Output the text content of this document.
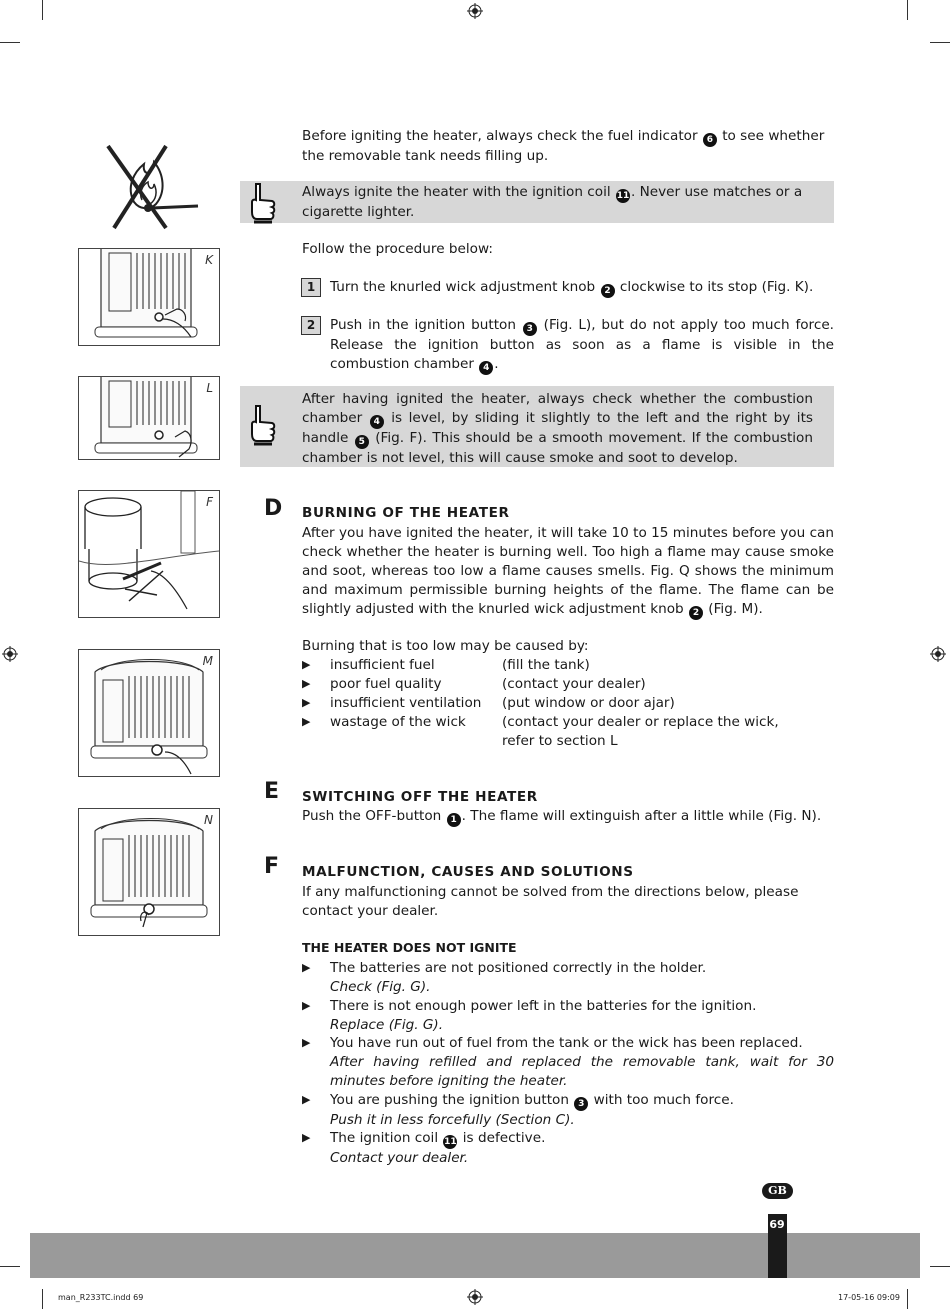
Before igniting the heater, always check the fuel indicator 6 to see whether the removable tank needs filling up.
Always ignite the heater with the ignition coil 11 . Never use matches or a cigarette lighter.
Follow the procedure below:
1	Turn the knurled wick adjustment knob 2 clockwise to its stop (Fig. K).
2	Push in the ignition button 3 (Fig. L), but do not apply too much force. Release the ignition button as soon as a flame is visible in the combustion chamber 4 .
After having ignited the heater, always check whether the combustion chamber 4 is level, by sliding it slightly to the left and the right by its handle 5 (Fig. F). This should be a smooth movement. If the combustion chamber is not level, this will cause smoke and soot to develop.
D BURNING OF THE HEATER
After you have ignited the heater, it will take 10 to 15 minutes before you can check whether the heater is burning well. Too high a flame may cause smoke and soot, whereas too low a flame causes smells. Fig. Q shows the minimum and maximum permissible burning heights of the flame. The flame can be slightly adjusted with the knurled wick adjustment knob 2 (Fig. M).
Burning that is too low may be caused by:
▶ insufficient fuel	(fill the tank)
▶ poor fuel quality	(contact your dealer)
▶ insufficient ventilation (put window or door ajar)
▶ wastage of the wick	(contact your dealer or replace the wick,
refer to section L
E SWITCHING OFF THE HEATER
Push the OFF-button 1 . The flame will extinguish after a little while (Fig. N).
F MALFUNCTION, CAUSES AND SOLUTIONS
If any malfunctioning cannot be solved from the directions below, please contact your dealer.
THE HEATER DOES NOT IGNITE
▶ The batteries are not positioned correctly in the holder.
Check (Fig. G).
▶ There is not enough power left in the batteries for the ignition.
Replace (Fig. G).
▶ You have run out of fuel from the tank or the wick has been replaced.
After having refilled and replaced the removable tank, wait for 30 minutes before igniting the heater.
▶ You are pushing the ignition button 3 with too much force.
Push it in less forcefully (Section C).
▶ The ignition coil 11 is defective.
Contact your dealer.
K
L
F
M
N
GB
69
man_R233TC.indd 69	17-05-16 09:09
